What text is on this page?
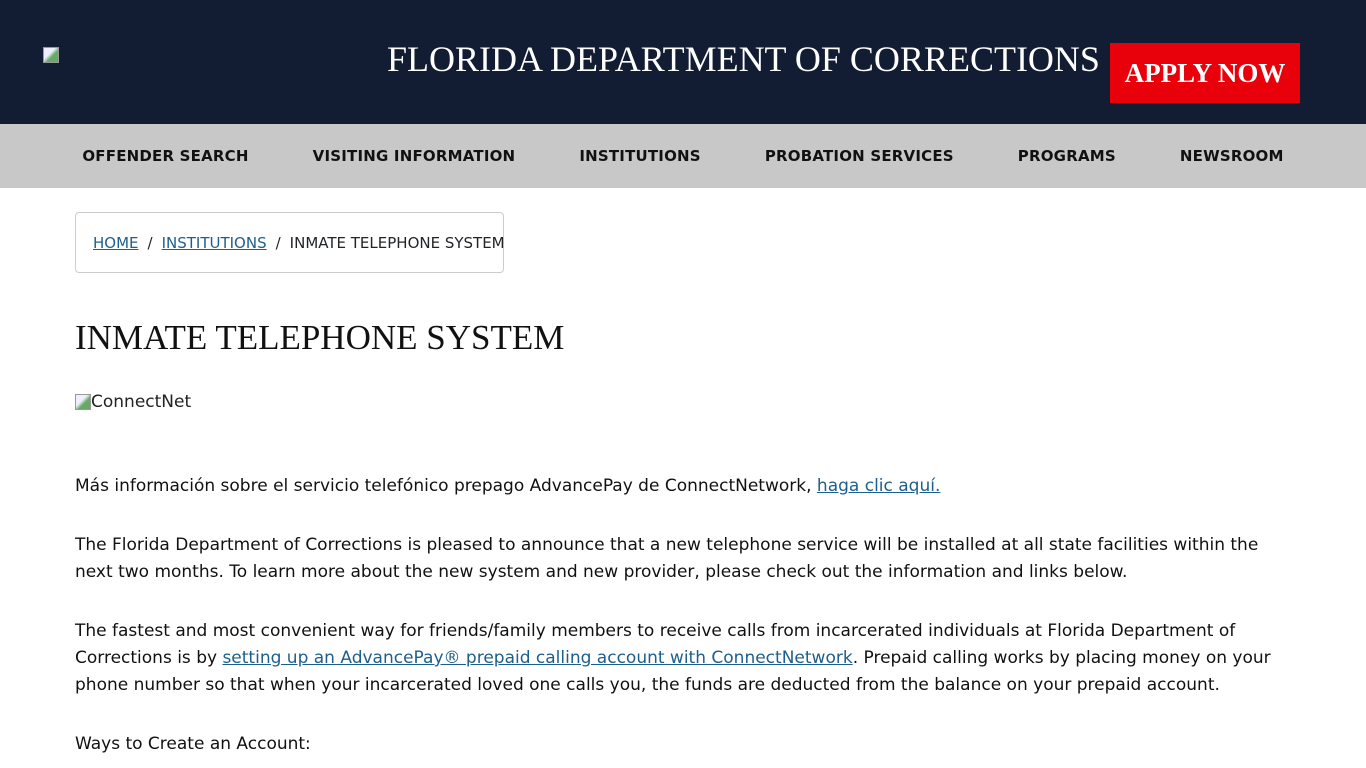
Florida Department of Corrections logo
FLORIDA DEPARTMENT OF CORRECTIONS APPLY NOW
OFFENDER SEARCH	VISITING INFORMATION	INSTITUTIONS	PROBATION SERVICES	PROGRAMS	NEWSROOM
HOME / INSTITUTIONS / INMATE TELEPHONE SYSTEM
INMATE TELEPHONE SYSTEM
ConnectNet

Más información sobre el servicio telefónico prepago AdvancePay de ConnectNetwork, haga clic aquí.

The Florida Department of Corrections is pleased to announce that a new telephone service will be installed at all state facilities within the next two months. To learn more about the new system and new provider, please check out the information and links below.

The fastest and most convenient way for friends/family members to receive calls from incarcerated individuals at Florida Department of Corrections is by setting up an AdvancePay® prepaid calling account with ConnectNetwork. Prepaid calling works by placing money on your phone number so that when your incarcerated loved one calls you, the funds are deducted from the balance on your prepaid account.

Ways to Create an Account:
